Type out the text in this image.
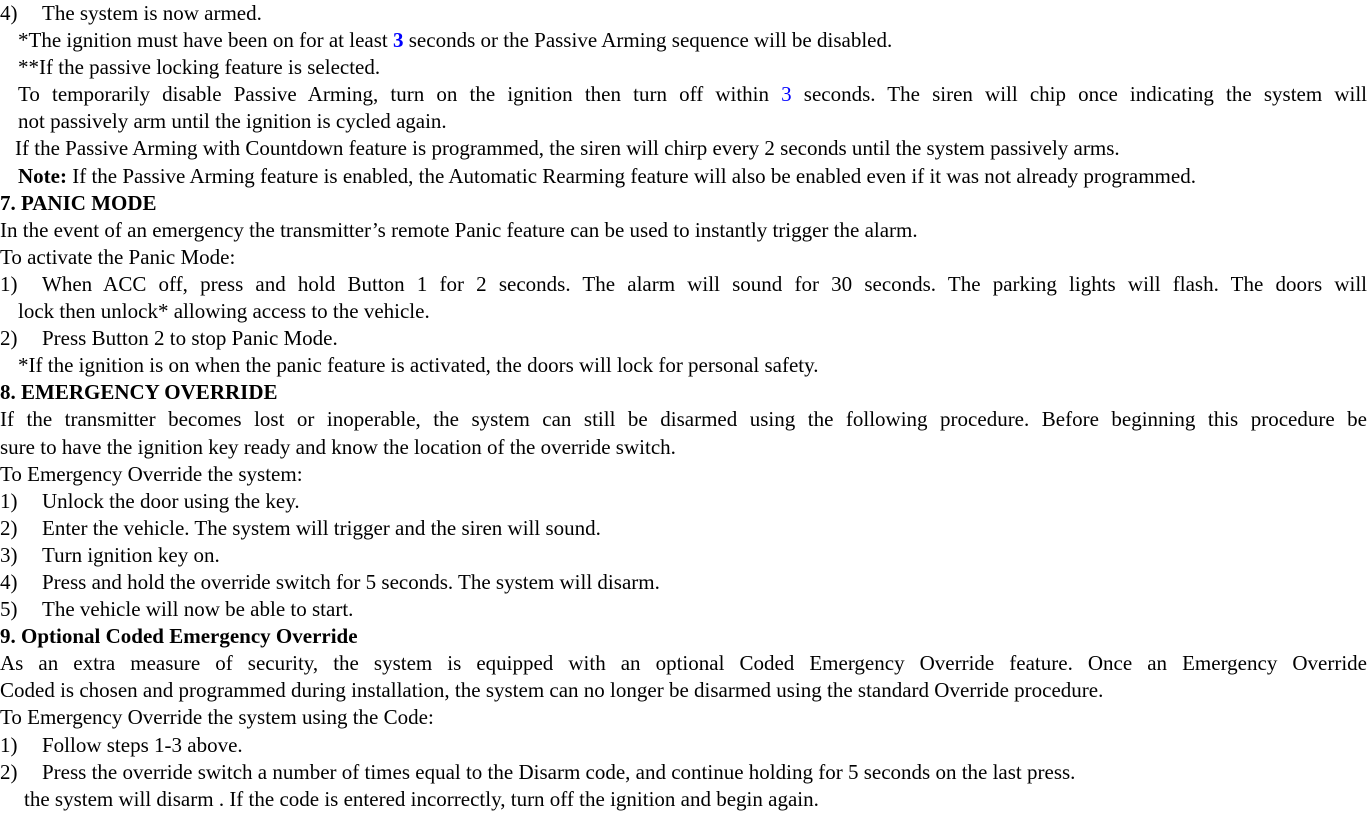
4) The system is now armed.
*The ignition must have been on for at least 3 seconds or the Passive Arming sequence will be disabled.
**If the passive locking feature is selected.
To temporarily disable Passive Arming, turn on the ignition then turn off within 3 seconds. The siren will chip once indicating the system will
not passively arm until the ignition is cycled again.
If the Passive Arming with Countdown feature is programmed, the siren will chirp every 2 seconds until the system passively arms.
Note: If the Passive Arming feature is enabled, the Automatic Rearming feature will also be enabled even if it was not already programmed.
7. PANIC MODE
In the event of an emergency the transmitter’s remote Panic feature can be used to instantly trigger the alarm.
To activate the Panic Mode:
1)	When ACC off, press and hold Button 1 for 2 seconds. The alarm will sound for 30 seconds. The parking lights will flash. The doors will
lock then unlock* allowing access to the vehicle.
2) Press Button 2 to stop Panic Mode.
*If the ignition is on when the panic feature is activated, the doors will lock for personal safety.
8. EMERGENCY OVERRIDE
If the transmitter becomes lost or inoperable, the system can still be disarmed using the following procedure. Before beginning this procedure be
sure to have the ignition key ready and know the location of the override switch.
To Emergency Override the system:
1) Unlock the door using the key.
2) Enter the vehicle. The system will trigger and the siren will sound.
3) Turn ignition key on.
4) Press and hold the override switch for 5 seconds. The system will disarm.
5) The vehicle will now be able to start.
9. Optional Coded Emergency Override
As an extra measure of security, the system is equipped with an optional Coded Emergency Override feature. Once an Emergency Override
Coded is chosen and programmed during installation, the system can no longer be disarmed using the standard Override procedure.
To Emergency Override the system using the Code:
1) Follow steps 1-3 above.
2) Press the override switch a number of times equal to the Disarm code, and continue holding for 5 seconds on the last press.
the system will disarm . If the code is entered incorrectly, turn off the ignition and begin again.
